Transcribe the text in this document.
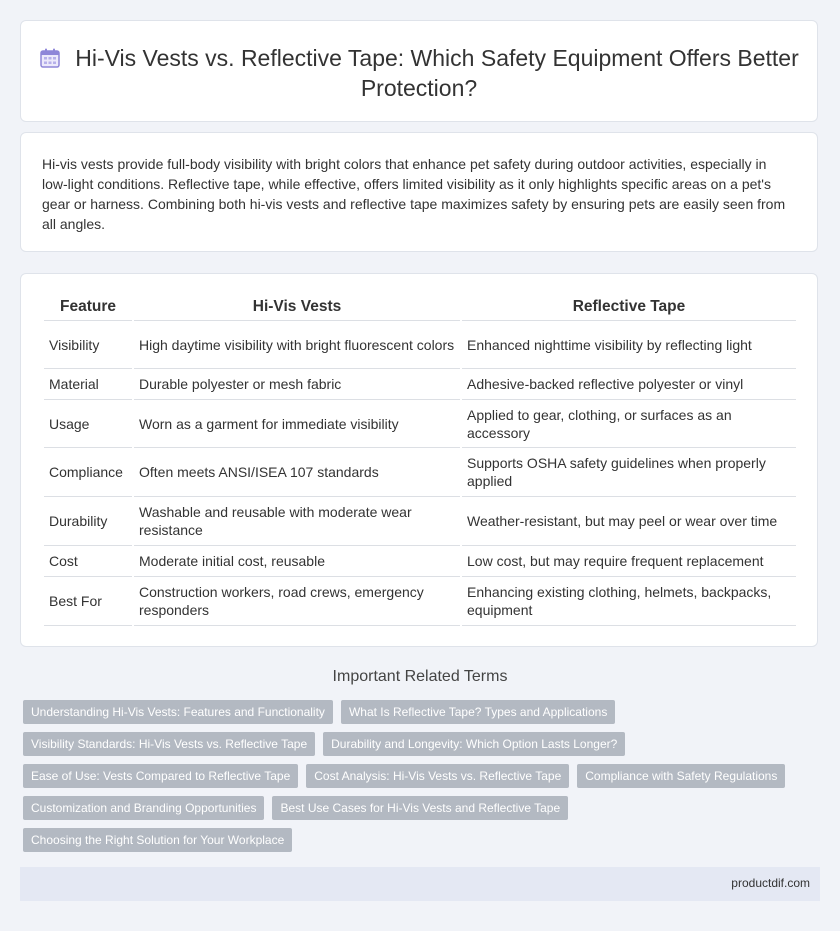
Hi-Vis Vests vs. Reflective Tape: Which Safety Equipment Offers Better Protection?

Hi-vis vests provide full-body visibility with bright colors that enhance pet safety during outdoor activities, especially in low-light conditions. Reflective tape, while effective, offers limited visibility as it only highlights specific areas on a pet's gear or harness. Combining both hi-vis vests and reflective tape maximizes safety by ensuring pets are easily seen from all angles.

Feature	Hi-Vis Vests	Reflective Tape
Visibility	High daytime visibility with bright fluorescent colors	Enhanced nighttime visibility by reflecting light
Material	Durable polyester or mesh fabric	Adhesive-backed reflective polyester or vinyl
Usage	Worn as a garment for immediate visibility	Applied to gear, clothing, or surfaces as an accessory
Compliance	Often meets ANSI/ISEA 107 standards	Supports OSHA safety guidelines when properly applied
Durability	Washable and reusable with moderate wear resistance	Weather-resistant, but may peel or wear over time
Cost	Moderate initial cost, reusable	Low cost, but may require frequent replacement
Best For	Construction workers, road crews, emergency responders	Enhancing existing clothing, helmets, backpacks, equipment
Important Related Terms
Understanding Hi-Vis Vests: Features and Functionality	What Is Reflective Tape? Types and Applications
Visibility Standards: Hi-Vis Vests vs. Reflective Tape	Durability and Longevity: Which Option Lasts Longer?
Ease of Use: Vests Compared to Reflective Tape	Cost Analysis: Hi-Vis Vests vs. Reflective Tape	Compliance with Safety Regulations
Customization and Branding Opportunities	Best Use Cases for Hi-Vis Vests and Reflective Tape
Choosing the Right Solution for Your Workplace
productdif.com
